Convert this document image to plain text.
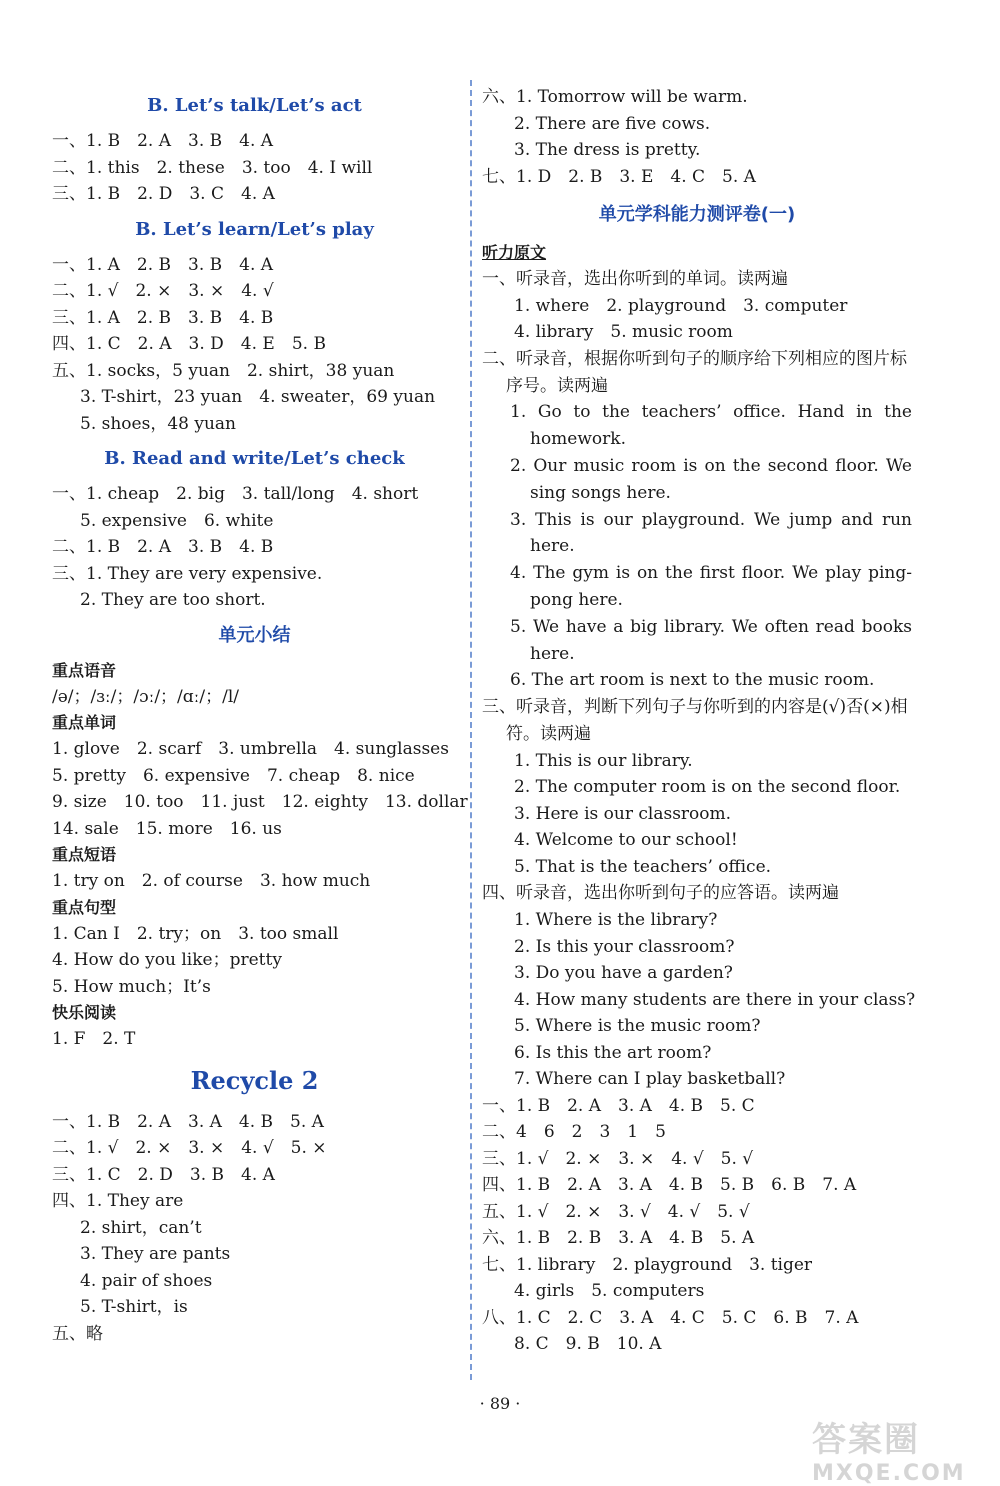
B. Let’s talk/Let’s act
一、1. B　2. A　3. B　4. A
二、1. this　2. these　3. too　4. I will
三、1. B　2. D　3. C　4. A
B. Let’s learn/Let’s play
一、1. A　2. B　3. B　4. A
二、1. √　2. ×　3. ×　4. √
三、1. A　2. B　3. B　4. B
四、1. C　2. A　3. D　4. E　5. B
五、1. socks，5 yuan　2. shirt，38 yuan
3. T-shirt，23 yuan　4. sweater，69 yuan
5. shoes，48 yuan
B. Read and write/Let’s check
一、1. cheap　2. big　3. tall/long　4. short
5. expensive　6. white
二、1. B　2. A　3. B　4. B
三、1. They are very expensive.
2. They are too short.
单元小结
重点语音
/ə/；/ɜː/；/ɔː/；/ɑː/；/l/
重点单词
1. glove　2. scarf　3. umbrella　4. sunglasses
5. pretty　6. expensive　7. cheap　8. nice
9. size　10. too　11. just　12. eighty　13. dollar
14. sale　15. more　16. us
重点短语
1. try on　2. of course　3. how much
重点句型
1. Can I　2. try；on　3. too small
4. How do you like；pretty
5. How much；It’s
快乐阅读
1. F　2. T
Recycle 2
一、1. B　2. A　3. A　4. B　5. A
二、1. √　2. ×　3. ×　4. √　5. ×
三、1. C　2. D　3. B　4. A
四、1. They are
2. shirt，can’t
3. They are pants
4. pair of shoes
5. T-shirt，is
五、略
六、1. Tomorrow will be warm.
2. There are five cows.
3. The dress is pretty.
七、1. D　2. B　3. E　4. C　5. A
单元学科能力测评卷(一)
听力原文
一、听录音，选出你听到的单词。读两遍
1. where　2. playground　3. computer
4. library　5. music room
二、听录音，根据你听到句子的顺序给下列相应的图片标序号。读两遍
1. Go to the teachers’ office. Hand in the homework.
2. Our music room is on the second floor. We sing songs here.
3. This is our playground. We jump and run here.
4. The gym is on the first floor. We play ping-pong here.
5. We have a big library. We often read books here.
6. The art room is next to the music room.
三、听录音，判断下列句子与你听到的内容是(√)否(×)相符。读两遍
1. This is our library.
2. The computer room is on the second floor.
3. Here is our classroom.
4. Welcome to our school!
5. That is the teachers’ office.
四、听录音，选出你听到句子的应答语。读两遍
1. Where is the library?
2. Is this your classroom?
3. Do you have a garden?
4. How many students are there in your class?
5. Where is the music room?
6. Is this the art room?
7. Where can I play basketball?
一、1. B　2. A　3. A　4. B　5. C
二、4　6　2　3　1　5
三、1. √　2. ×　3. ×　4. √　5. √
四、1. B　2. A　3. A　4. B　5. B　6. B　7. A
五、1. √　2. ×　3. √　4. √　5. √
六、1. B　2. B　3. A　4. B　5. A
七、1. library　2. playground　3. tiger
4. girls　5. computers
八、1. C　2. C　3. A　4. C　5. C　6. B　7. A
8. C　9. B　10. A
· 89 ·
答案圈
MXQE.COM
